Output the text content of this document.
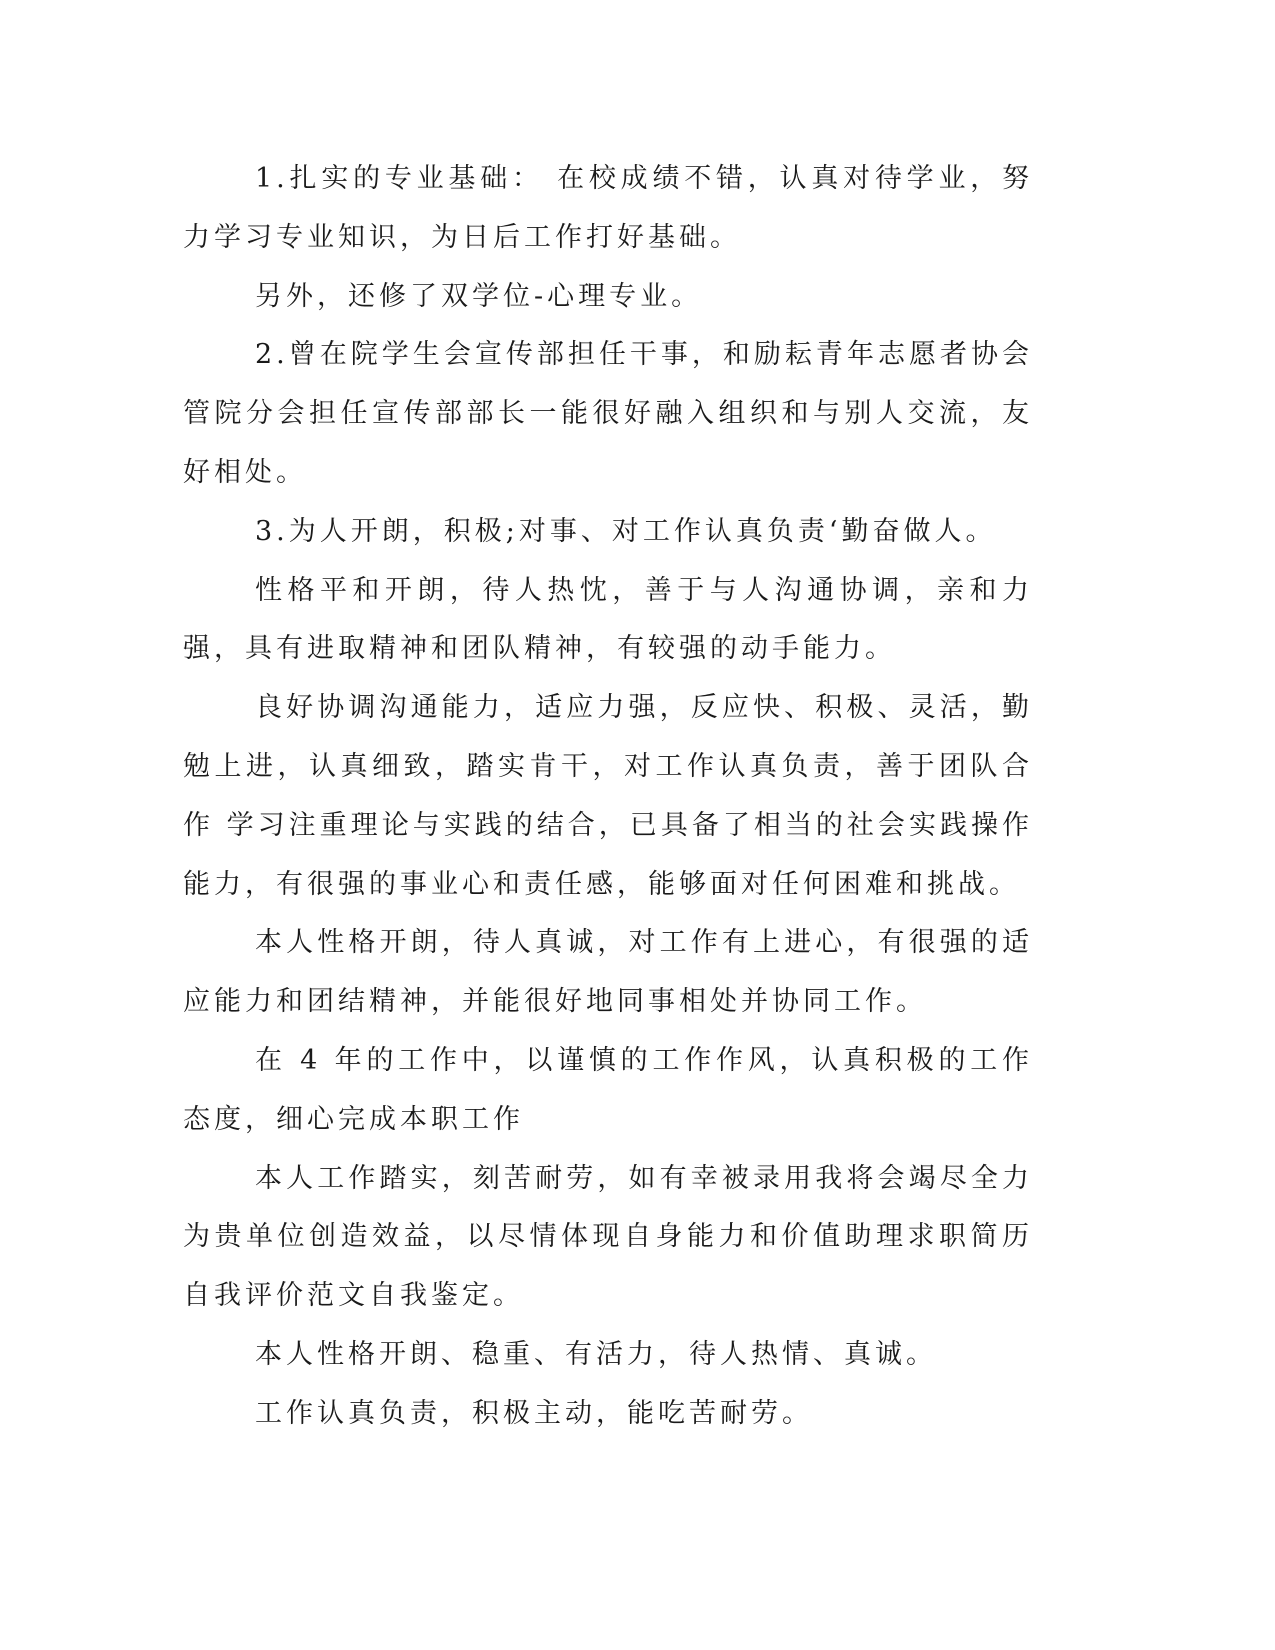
1.扎实的专业基础： 在校成绩不错，认真对待学业，努力学习专业知识，为日后工作打好基础。

另外，还修了双学位-心理专业。

2.曾在院学生会宣传部担任干事，和励耘青年志愿者协会管院分会担任宣传部部长一能很好融入组织和与别人交流，友好相处。

3.为人开朗，积极;对事、对工作认真负责‘勤奋做人。

性格平和开朗，待人热忱，善于与人沟通协调，亲和力强，具有进取精神和团队精神，有较强的动手能力。

良好协调沟通能力，适应力强，反应快、积极、灵活，勤勉上进，认真细致，踏实肯干，对工作认真负责，善于团队合作 学习注重理论与实践的结合，已具备了相当的社会实践操作能力，有很强的事业心和责任感，能够面对任何困难和挑战。

本人性格开朗，待人真诚，对工作有上进心，有很强的适应能力和团结精神，并能很好地同事相处并协同工作。

在 4 年的工作中，以谨慎的工作作风，认真积极的工作态度，细心完成本职工作

本人工作踏实，刻苦耐劳，如有幸被录用我将会竭尽全力为贵单位创造效益，以尽情体现自身能力和价值助理求职简历自我评价范文自我鉴定。

本人性格开朗、稳重、有活力，待人热情、真诚。

工作认真负责，积极主动，能吃苦耐劳。
